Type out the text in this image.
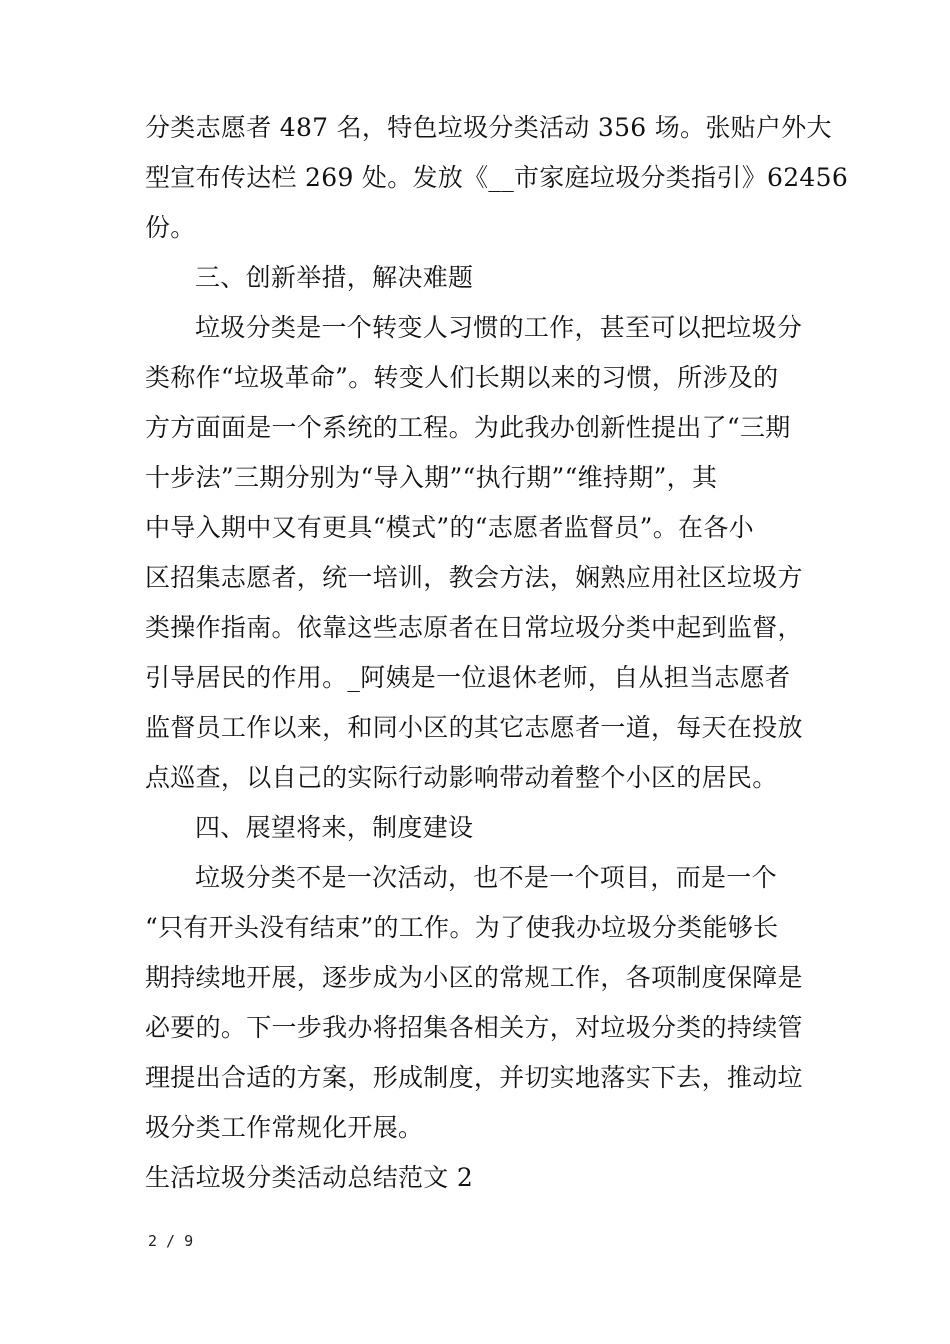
分类志愿者 487 名，特色垃圾分类活动 356 场。张贴户外大
型宣布传达栏 269 处。发放《__市家庭垃圾分类指引》62456
份。
三、创新举措，解决难题
垃圾分类是一个转变人习惯的工作，甚至可以把垃圾分
类称作“垃圾革命”。转变人们长期以来的习惯，所涉及的
方方面面是一个系统的工程。为此我办创新性提出了“三期
十步法”三期分别为“导入期”“执行期”“维持期”，其
中导入期中又有更具“模式”的“志愿者监督员”。在各小
区招集志愿者，统一培训，教会方法，娴熟应用社区垃圾方
类操作指南。依靠这些志原者在日常垃圾分类中起到监督，
引导居民的作用。_阿姨是一位退休老师，自从担当志愿者
监督员工作以来，和同小区的其它志愿者一道，每天在投放
点巡查，以自己的实际行动影响带动着整个小区的居民。
四、展望将来，制度建设
垃圾分类不是一次活动，也不是一个项目，而是一个
“只有开头没有结束”的工作。为了使我办垃圾分类能够长
期持续地开展，逐步成为小区的常规工作，各项制度保障是
必要的。下一步我办将招集各相关方，对垃圾分类的持续管
理提出合适的方案，形成制度，并切实地落实下去，推动垃
圾分类工作常规化开展。
生活垃圾分类活动总结范文 2
2 / 9
